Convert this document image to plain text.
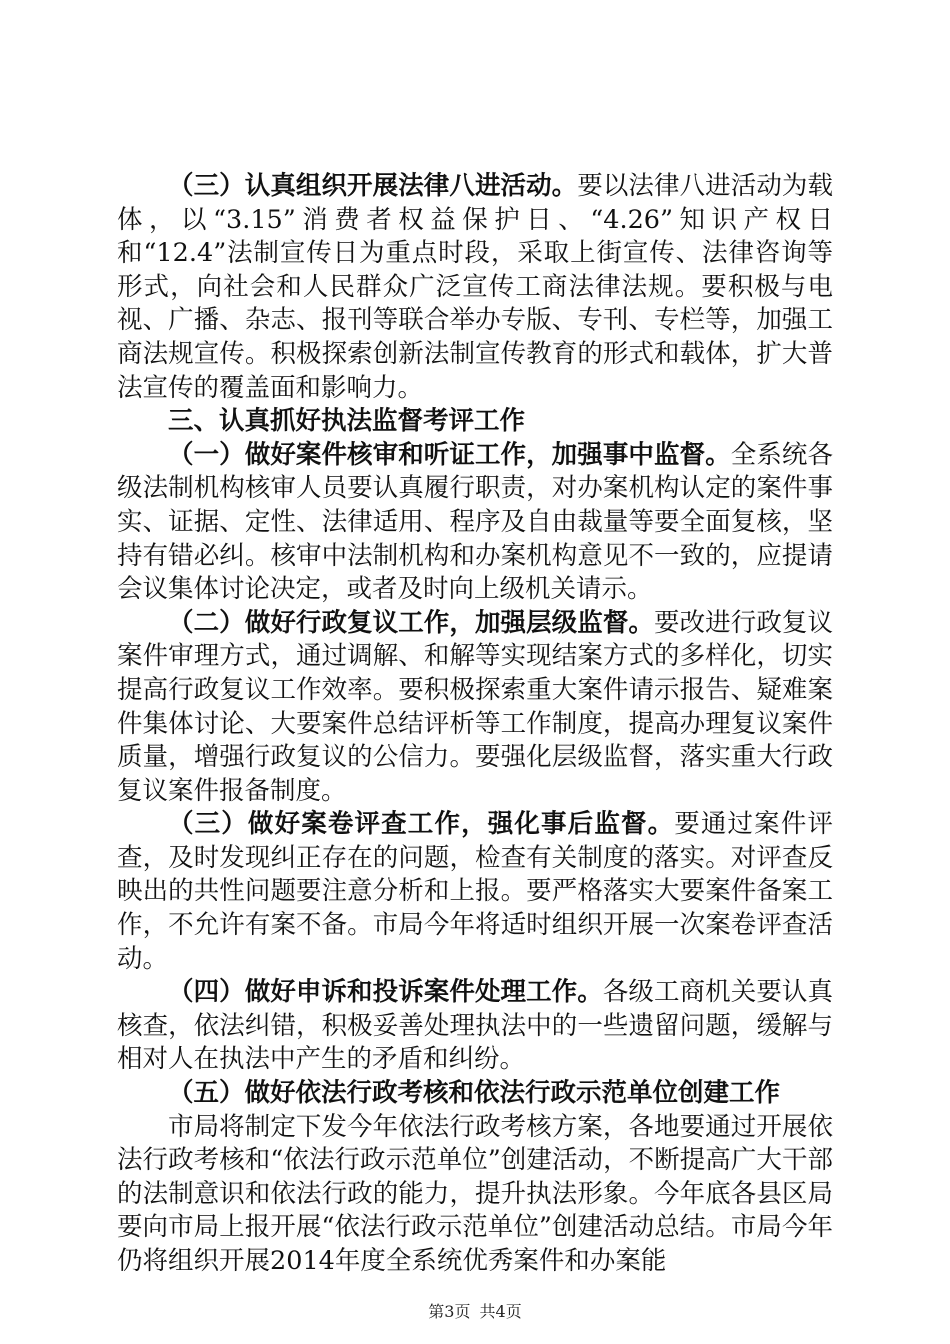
（三）认真组织开展法律八进活动。要以法律八进活动为载体，以“3.15”消费者权益保护日、“4.26”知识产权日和“12.4”法制宣传日为重点时段，采取上街宣传、法律咨询等形式，向社会和人民群众广泛宣传工商法律法规。要积极与电视、广播、杂志、报刊等联合举办专版、专刊、专栏等，加强工商法规宣传。积极探索创新法制宣传教育的形式和载体，扩大普法宣传的覆盖面和影响力。

三、认真抓好执法监督考评工作

（一）做好案件核审和听证工作，加强事中监督。全系统各级法制机构核审人员要认真履行职责，对办案机构认定的案件事实、证据、定性、法律适用、程序及自由裁量等要全面复核，坚持有错必纠。核审中法制机构和办案机构意见不一致的，应提请会议集体讨论决定，或者及时向上级机关请示。

（二）做好行政复议工作，加强层级监督。要改进行政复议案件审理方式，通过调解、和解等实现结案方式的多样化，切实提高行政复议工作效率。要积极探索重大案件请示报告、疑难案件集体讨论、大要案件总结评析等工作制度，提高办理复议案件质量，增强行政复议的公信力。要强化层级监督，落实重大行政复议案件报备制度。

（三）做好案卷评查工作，强化事后监督。要通过案件评查，及时发现纠正存在的问题，检查有关制度的落实。对评查反映出的共性问题要注意分析和上报。要严格落实大要案件备案工作，不允许有案不备。市局今年将适时组织开展一次案卷评查活动。

（四）做好申诉和投诉案件处理工作。各级工商机关要认真核查，依法纠错，积极妥善处理执法中的一些遗留问题，缓解与相对人在执法中产生的矛盾和纠纷。

（五）做好依法行政考核和依法行政示范单位创建工作

市局将制定下发今年依法行政考核方案，各地要通过开展依法行政考核和“依法行政示范单位”创建活动，不断提高广大干部的法制意识和依法行政的能力，提升执法形象。今年底各县区局要向市局上报开展“依法行政示范单位”创建活动总结。市局今年仍将组织开展2014年度全系统优秀案件和办案能

第3页 共4页
